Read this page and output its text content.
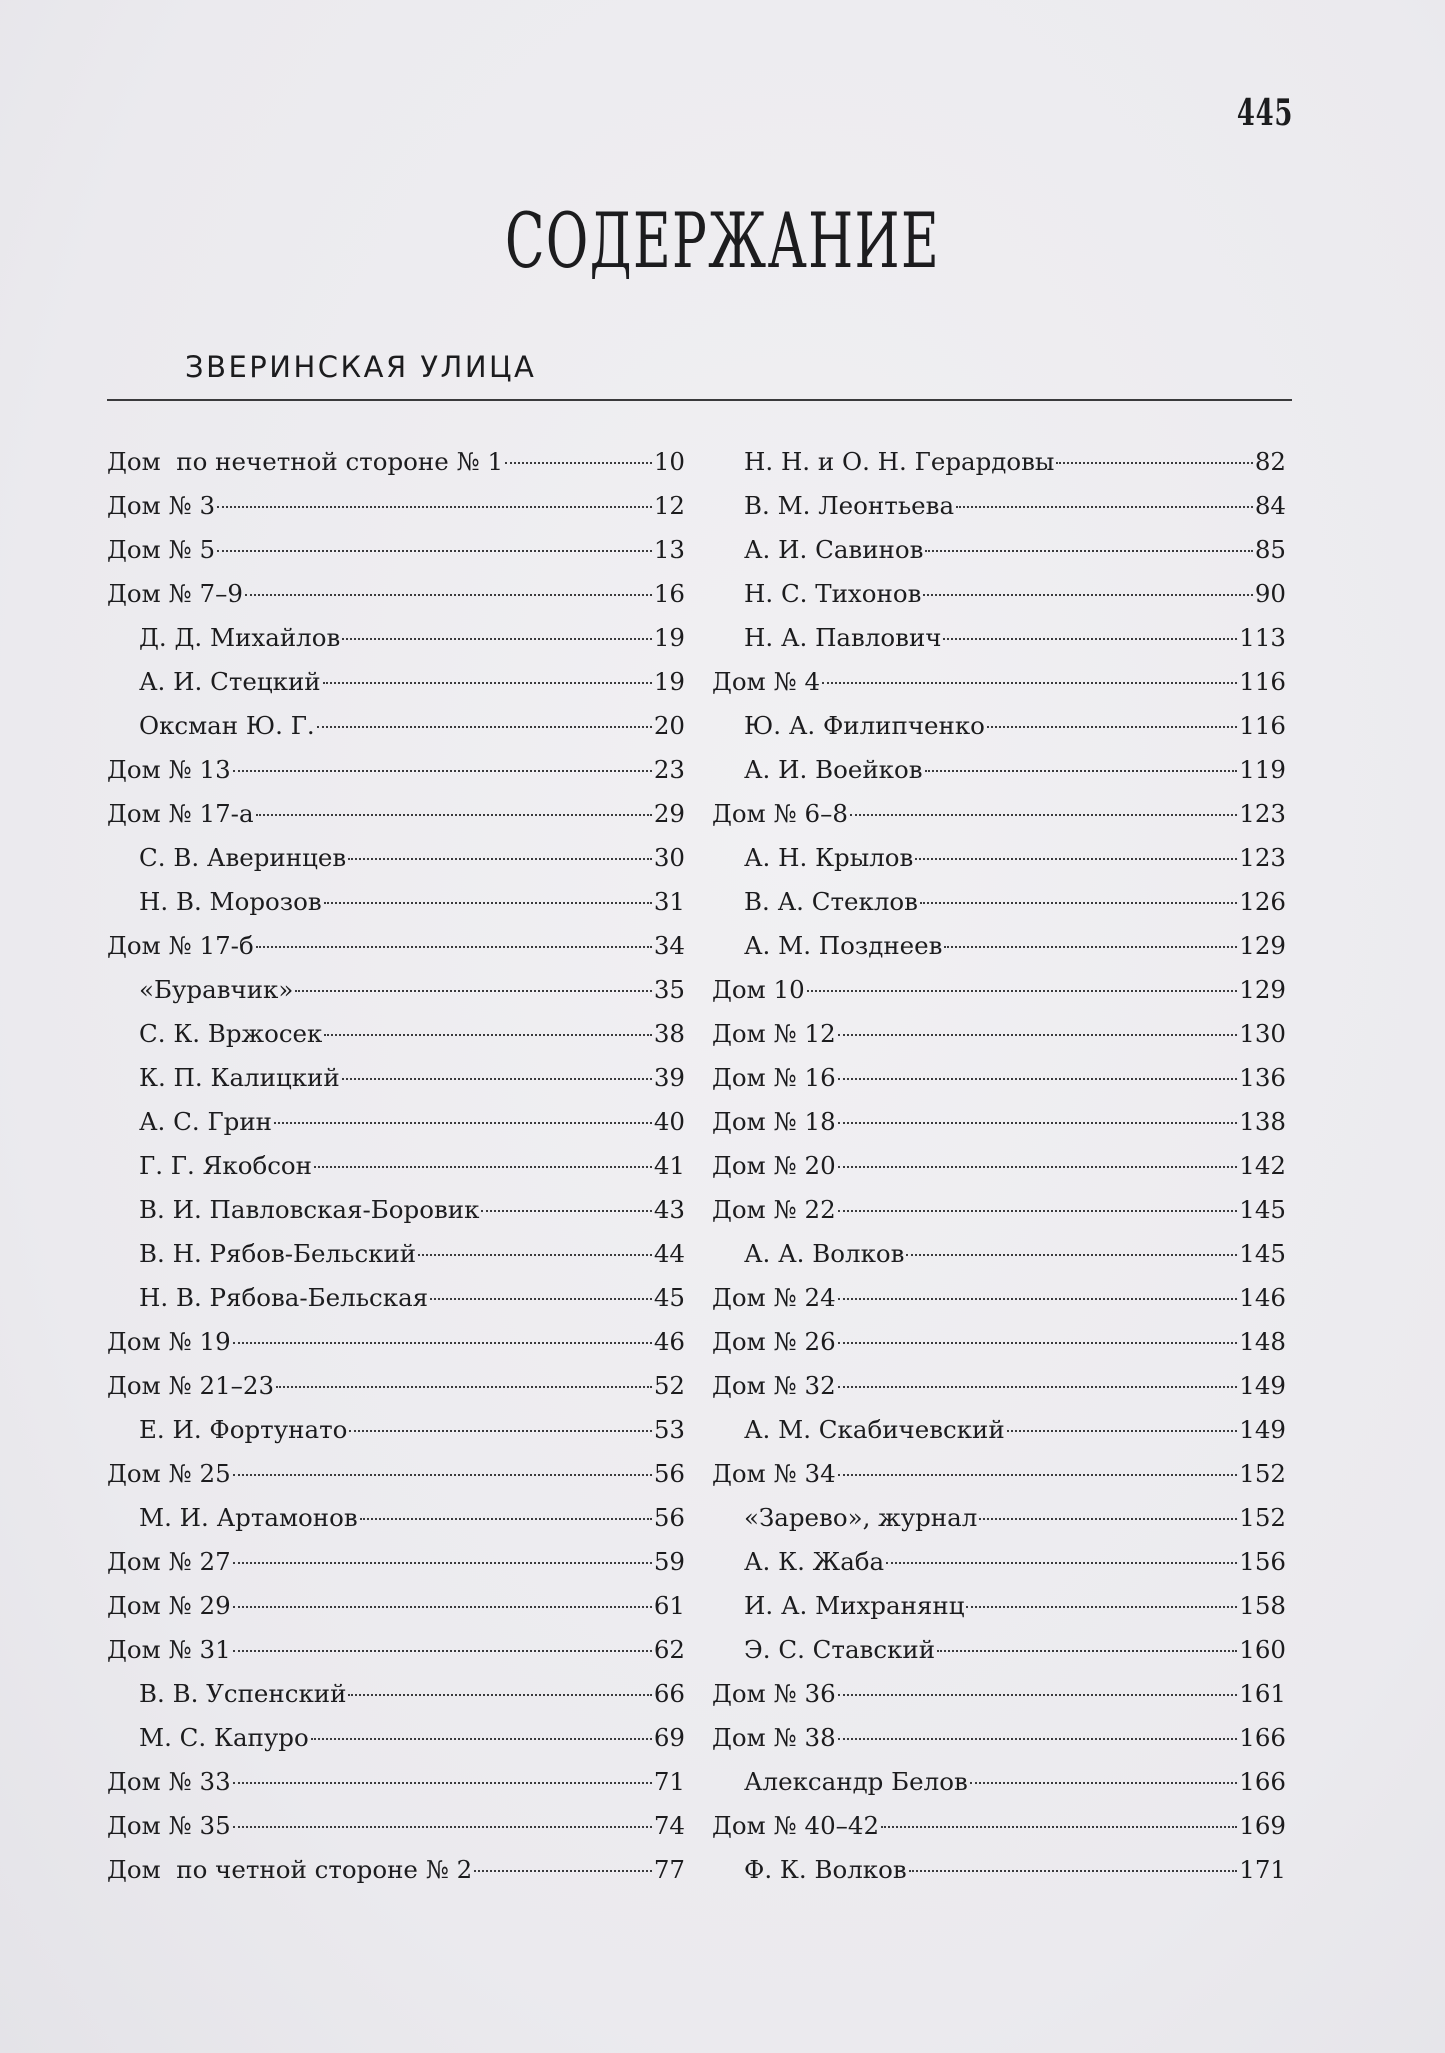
445
СОДЕРЖАНИЕ
ЗВЕРИНСКАЯ УЛИЦА
Дом  по нечетной стороне № 1	10
Дом № 3	12
Дом № 5	13
Дом № 7–9	16
Д. Д. Михайлов	19
А. И. Стецкий	19
Оксман Ю. Г.	20
Дом № 13	23
Дом № 17-а	29
С. В. Аверинцев	30
Н. В. Морозов	31
Дом № 17-б	34
«Буравчик»	35
С. К. Вржосек	38
К. П. Калицкий	39
А. С. Грин	40
Г. Г. Якобсон	41
В. И. Павловская-Боровик	43
В. Н. Рябов-Бельский	44
Н. В. Рябова-Бельская	45
Дом № 19	46
Дом № 21–23	52
Е. И. Фортунато	53
Дом № 25	56
М. И. Артамонов	56
Дом № 27	59
Дом № 29	61
Дом № 31	62
В. В. Успенский	66
М. С. Капуро	69
Дом № 33	71
Дом № 35	74
Дом  по четной стороне № 2	77
Н. Н. и О. Н. Герардовы	82
В. М. Леонтьева	84
А. И. Савинов	85
Н. С. Тихонов	90
Н. А. Павлович	113
Дом № 4	116
Ю. А. Филипченко	116
А. И. Воейков	119
Дом № 6–8	123
А. Н. Крылов	123
В. А. Стеклов	126
А. М. Позднеев	129
Дом 10	129
Дом № 12	130
Дом № 16	136
Дом № 18	138
Дом № 20	142
Дом № 22	145
А. А. Волков	145
Дом № 24	146
Дом № 26	148
Дом № 32	149
А. М. Скабичевский	149
Дом № 34	152
«Зарево», журнал	152
А. К. Жаба	156
И. А. Михранянц	158
Э. С. Ставский	160
Дом № 36	161
Дом № 38	166
Александр Белов	166
Дом № 40–42	169
Ф. К. Волков	171
